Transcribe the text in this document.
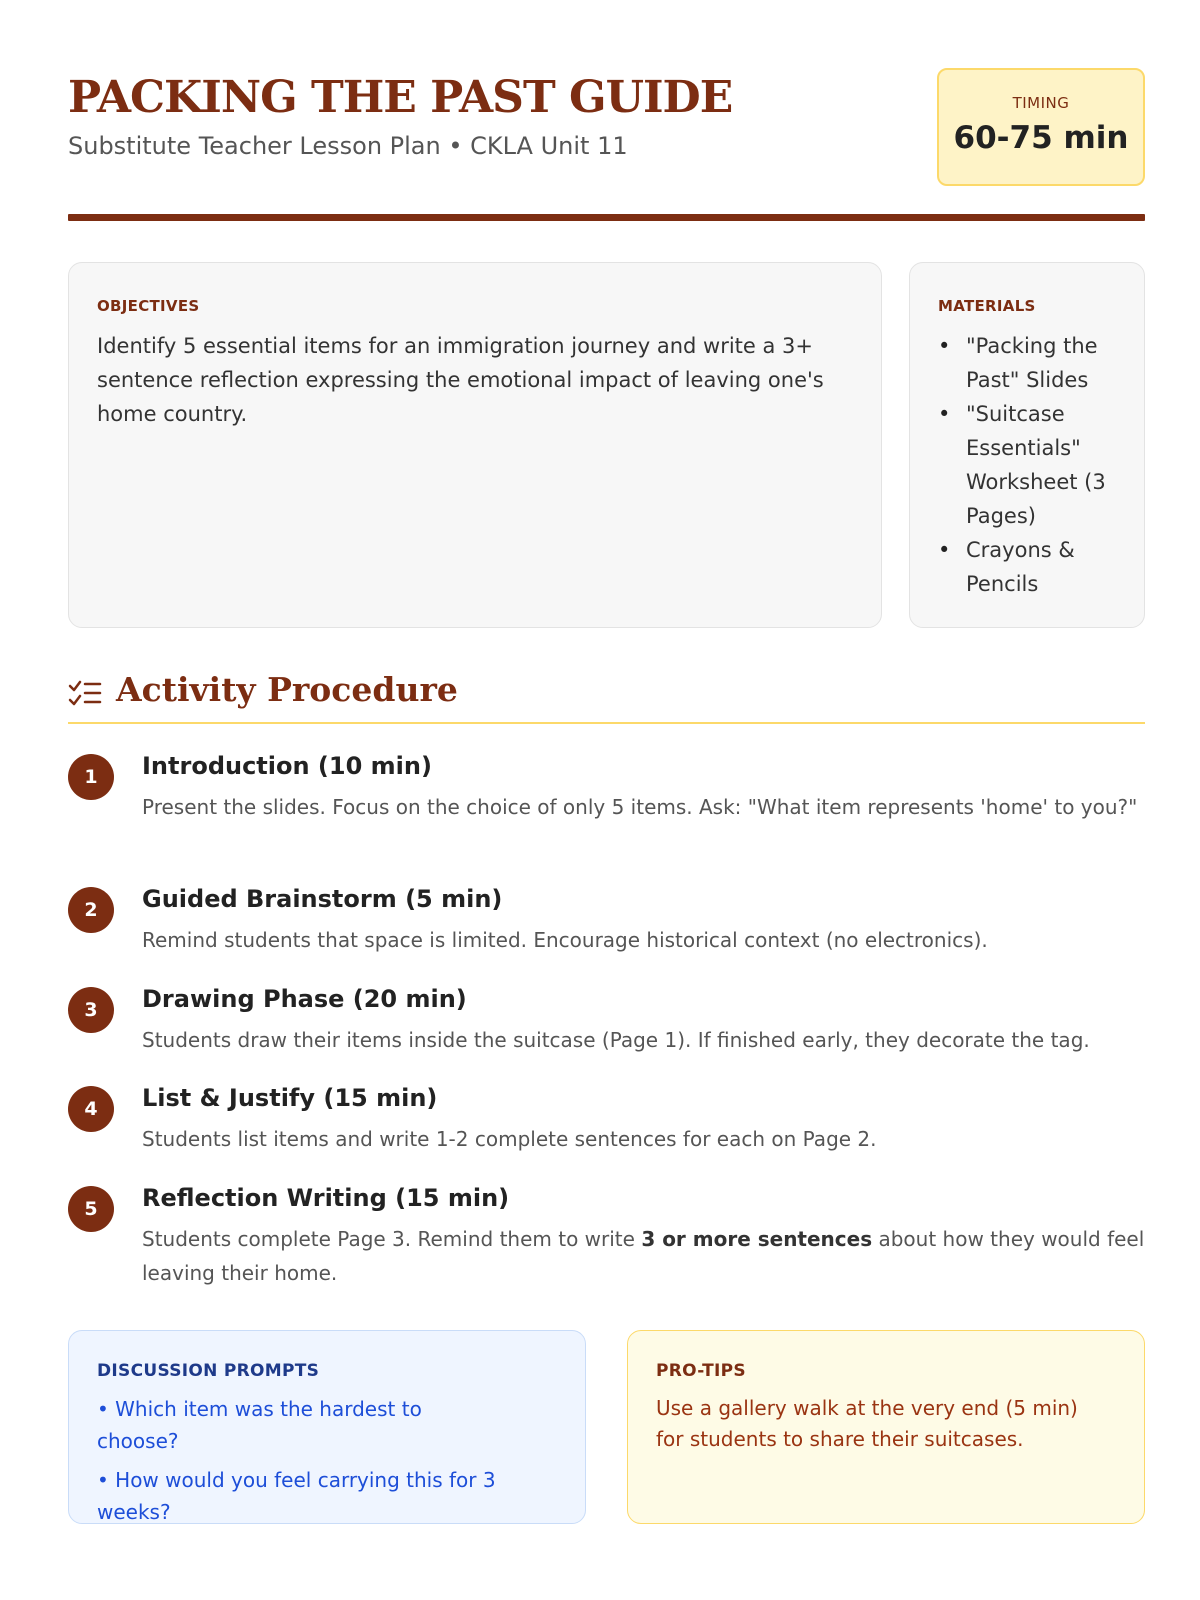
PACKING THE PAST GUIDE
Substitute Teacher Lesson Plan • CKLA Unit 11
TIMING
60-75 min
OBJECTIVES
Identify 5 essential items for an immigration journey and write a 3+ sentence reflection expressing the emotional impact of leaving one's home country.
MATERIALS
• "Packing the Past" Slides
• "Suitcase Essentials" Worksheet (3 Pages)
• Crayons & Pencils
Activity Procedure
1	Introduction (10 min)
Present the slides. Focus on the choice of only 5 items. Ask: "What item represents 'home' to you?"
2	Guided Brainstorm (5 min)
Remind students that space is limited. Encourage historical context (no electronics).
3	Drawing Phase (20 min)
Students draw their items inside the suitcase (Page 1). If finished early, they decorate the tag.
4	List & Justify (15 min)
Students list items and write 1-2 complete sentences for each on Page 2.
5	Reflection Writing (15 min)
Students complete Page 3. Remind them to write 3 or more sentences about how they would feel leaving their home.
DISCUSSION PROMPTS
• Which item was the hardest to choose?
• How would you feel carrying this for 3 weeks?
PRO-TIPS
Use a gallery walk at the very end (5 min) for students to share their suitcases.
